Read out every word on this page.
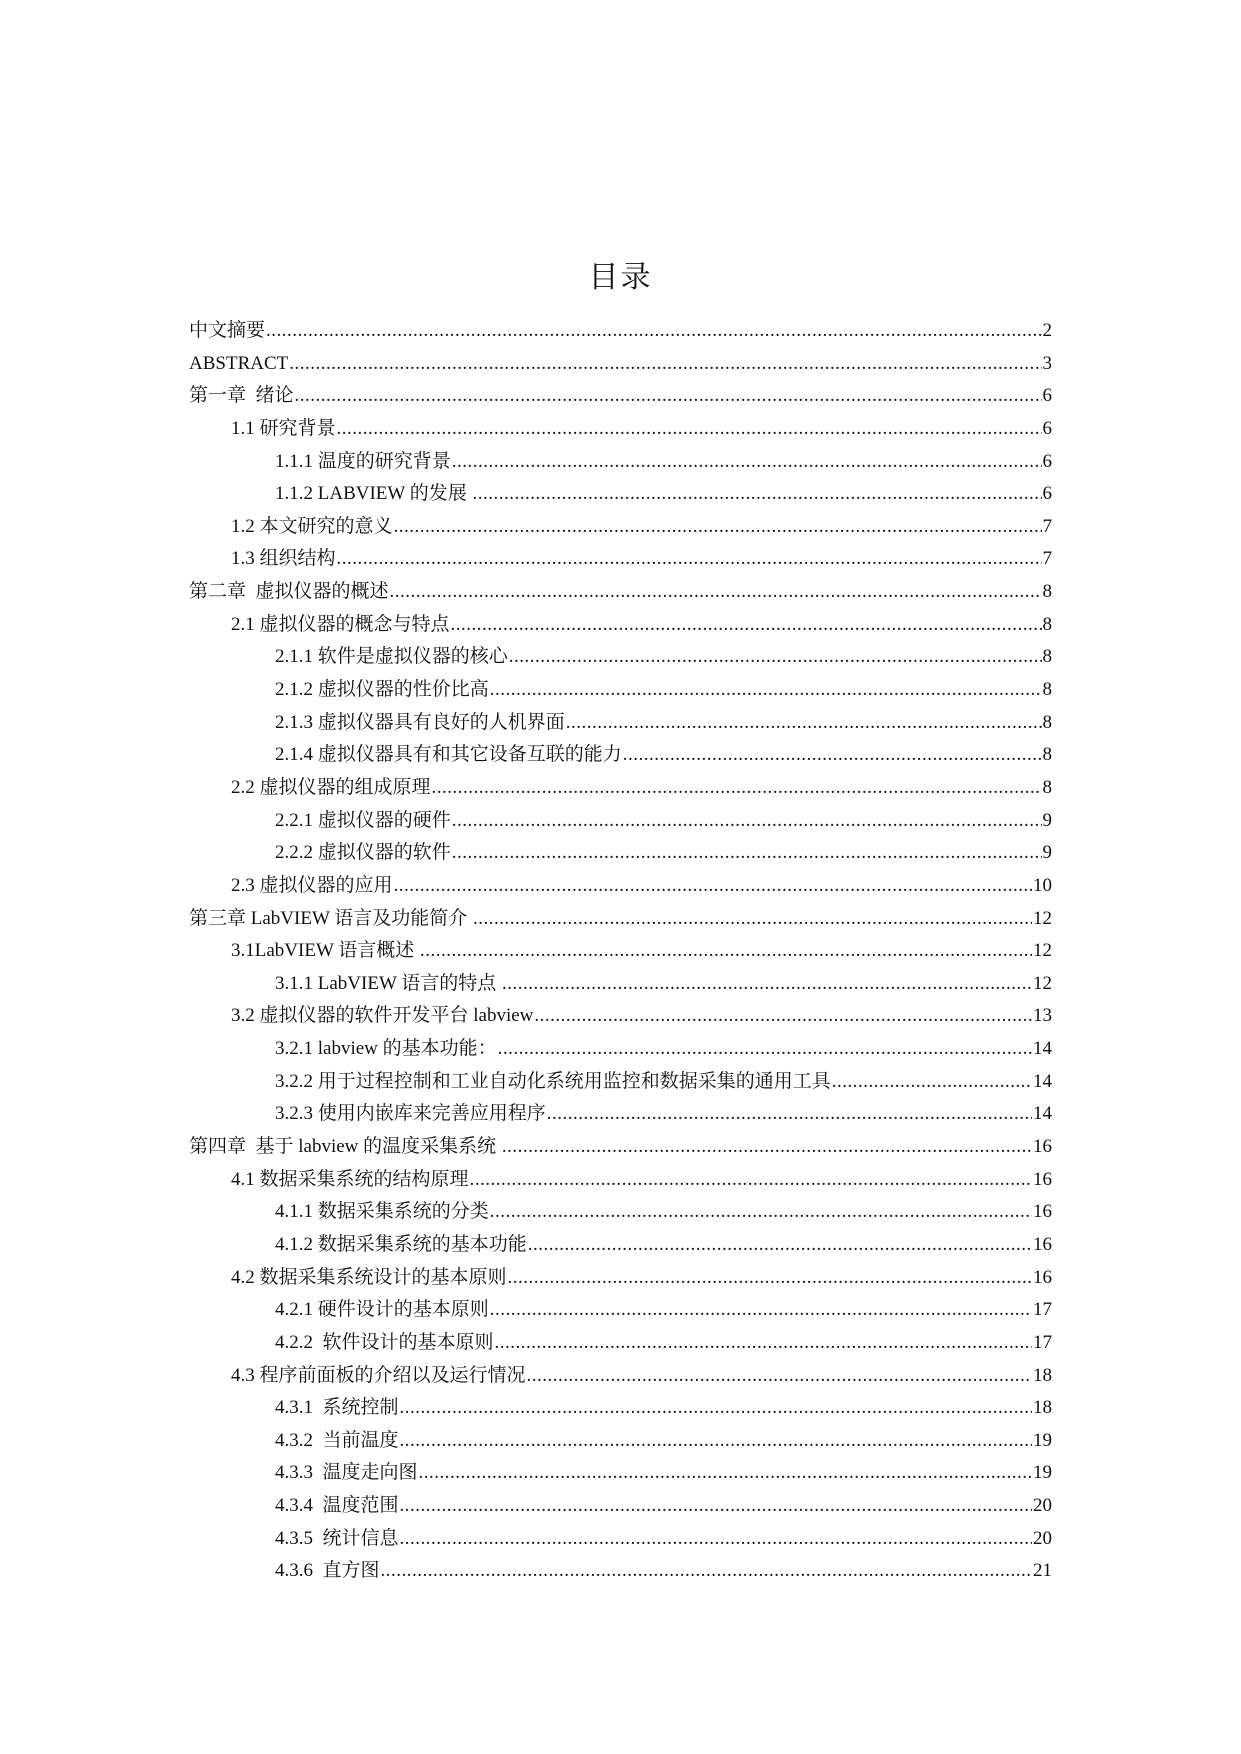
目录
中文摘要 .....	2
ABSTRACT .....	3
第一章  绪论 .....	6
1.1 研究背景 .....	6
1.1.1 温度的研究背景 .....	6
1.1.2 LABVIEW 的发展 .....	6
1.2 本文研究的意义 .....	7
1.3 组织结构 .....	7
第二章  虚拟仪器的概述 .....	8
2.1 虚拟仪器的概念与特点 .....	8
2.1.1 软件是虚拟仪器的核心 .....	8
2.1.2 虚拟仪器的性价比高 .....	8
2.1.3 虚拟仪器具有良好的人机界面 .....	8
2.1.4 虚拟仪器具有和其它设备互联的能力 .....	8
2.2 虚拟仪器的组成原理 .....	8
2.2.1 虚拟仪器的硬件 .....	9
2.2.2 虚拟仪器的软件 .....	9
2.3 虚拟仪器的应用 .....	10
第三章 LabVIEW 语言及功能简介 .....	12
3.1LabVIEW 语言概述 .....	12
3.1.1 LabVIEW 语言的特点 .....	12
3.2 虚拟仪器的软件开发平台 labview .....	13
3.2.1 labview 的基本功能： .....	14
3.2.2 用于过程控制和工业自动化系统用监控和数据采集的通用工具 .....	14
3.2.3 使用内嵌库来完善应用程序 .....	14
第四章  基于 labview 的温度采集系统 .....	16
4.1 数据采集系统的结构原理 .....	16
4.1.1 数据采集系统的分类 .....	16
4.1.2 数据采集系统的基本功能 .....	16
4.2 数据采集系统设计的基本原则 .....	16
4.2.1 硬件设计的基本原则 .....	17
4.2.2  软件设计的基本原则 .....	17
4.3 程序前面板的介绍以及运行情况 .....	18
4.3.1  系统控制 .....	18
4.3.2  当前温度 .....	19
4.3.3  温度走向图 .....	19
4.3.4  温度范围 .....	20
4.3.5  统计信息 .....	20
4.3.6  直方图 .....	21
